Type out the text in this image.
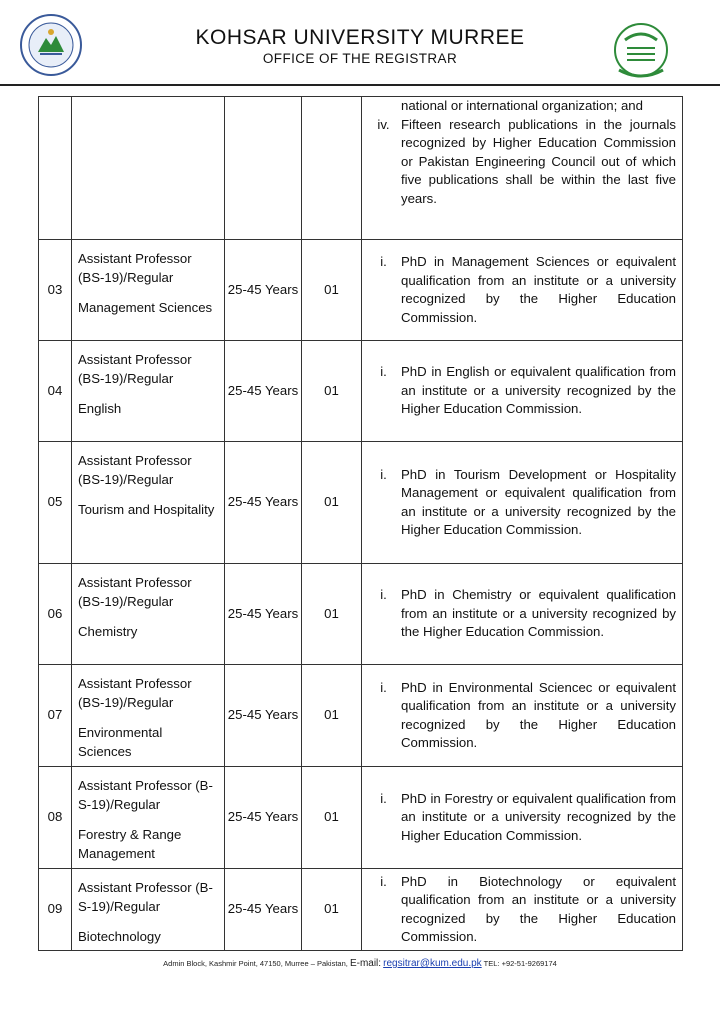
KOHSAR UNIVERSITY MURREE
OFFICE OF THE REGISTRAR

				national or international organization; and
iv. Fifteen research publications in the journals recognized by Higher Education Commission or Pakistan Engineering Council out of which five publications shall be within the last five years.

03	Assistant Professor (BS-19)/Regular
Management Sciences	25-45 Years	01	i. PhD in Management Sciences or equivalent qualification from an institute or a university recognized by the Higher Education Commission.

04	Assistant Professor (BS-19)/Regular
English	25-45 Years	01	i. PhD in English or equivalent qualification from an institute or a university recognized by the Higher Education Commission.

05	Assistant Professor (BS-19)/Regular
Tourism and Hospitality	25-45 Years	01	i. PhD in Tourism Development or Hospitality Management or equivalent qualification from an institute or a university recognized by the Higher Education Commission.

06	Assistant Professor (BS-19)/Regular
Chemistry	25-45 Years	01	i. PhD in Chemistry or equivalent qualification from an institute or a university recognized by the Higher Education Commission.

07	Assistant Professor (BS-19)/Regular
Environmental Sciences	25-45 Years	01	i. PhD in Environmental Sciencec or equivalent qualification from an institute or a university recognized by the Higher Education Commission.

08	Assistant Professor (B-S-19)/Regular
Forestry & Range Management	25-45 Years	01	i. PhD in Forestry or equivalent qualification from an institute or a university recognized by the Higher Education Commission.

09	Assistant Professor (B-S-19)/Regular
Biotechnology	25-45 Years	01	i. PhD in Biotechnology or equivalent qualification from an institute or a university recognized by the Higher Education Commission.
Admin Block, Kashmir Point, 47150, Murree – Pakistan, E-mail: regsitrar@kum.edu.pk TEL: +92-51-9269174
